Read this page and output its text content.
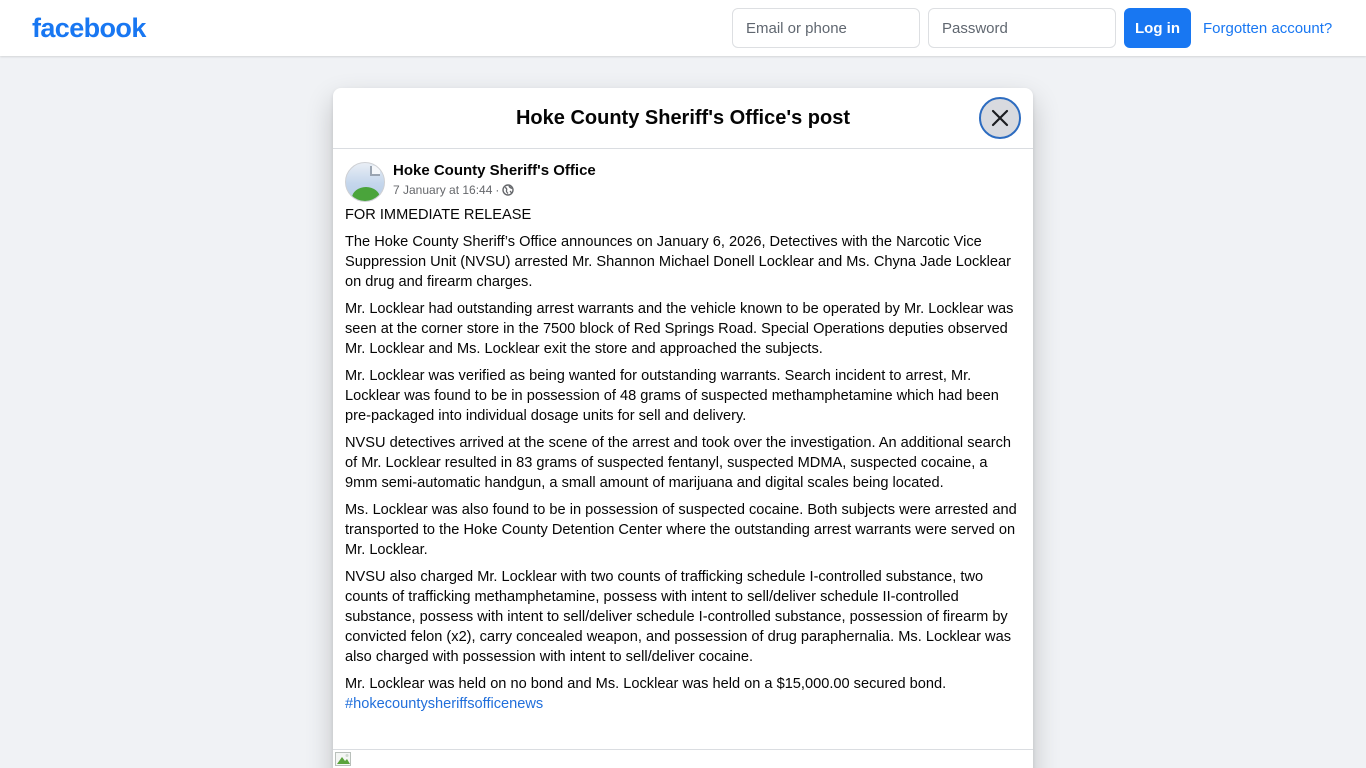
facebook
Email or phone	Log in	Forgotten account?
Hoke County Sheriff's Office's post
Hoke County Sheriff's Office
7 January at 16:44 ·

FOR IMMEDIATE RELEASE

The Hoke County Sheriff’s Office announces on January 6, 2026, Detectives with the Narcotic Vice Suppression Unit (NVSU) arrested Mr. Shannon Michael Donell Locklear and Ms. Chyna Jade Locklear on drug and firearm charges.

Mr. Locklear had outstanding arrest warrants and the vehicle known to be operated by Mr. Locklear was seen at the corner store in the 7500 block of Red Springs Road. Special Operations deputies observed Mr. Locklear and Ms. Locklear exit the store and approached the subjects.

Mr. Locklear was verified as being wanted for outstanding warrants. Search incident to arrest, Mr. Locklear was found to be in possession of 48 grams of suspected methamphetamine which had been pre-packaged into individual dosage units for sell and delivery.

NVSU detectives arrived at the scene of the arrest and took over the investigation. An additional search of Mr. Locklear resulted in 83 grams of suspected fentanyl, suspected MDMA, suspected cocaine, a 9mm semi-automatic handgun, a small amount of marijuana and digital scales being located.

Ms. Locklear was also found to be in possession of suspected cocaine. Both subjects were arrested and transported to the Hoke County Detention Center where the outstanding arrest warrants were served on Mr. Locklear.

NVSU also charged Mr. Locklear with two counts of trafficking schedule I-controlled substance, two counts of trafficking methamphetamine, possess with intent to sell/deliver schedule II-controlled substance, possess with intent to sell/deliver schedule I-controlled substance, possession of firearm by convicted felon (x2), carry concealed weapon, and possession of drug paraphernalia. Ms. Locklear was also charged with possession with intent to sell/deliver cocaine.

Mr. Locklear was held on no bond and Ms. Locklear was held on a $15,000.00 secured bond.

#hokecountysheriffsofficenews
